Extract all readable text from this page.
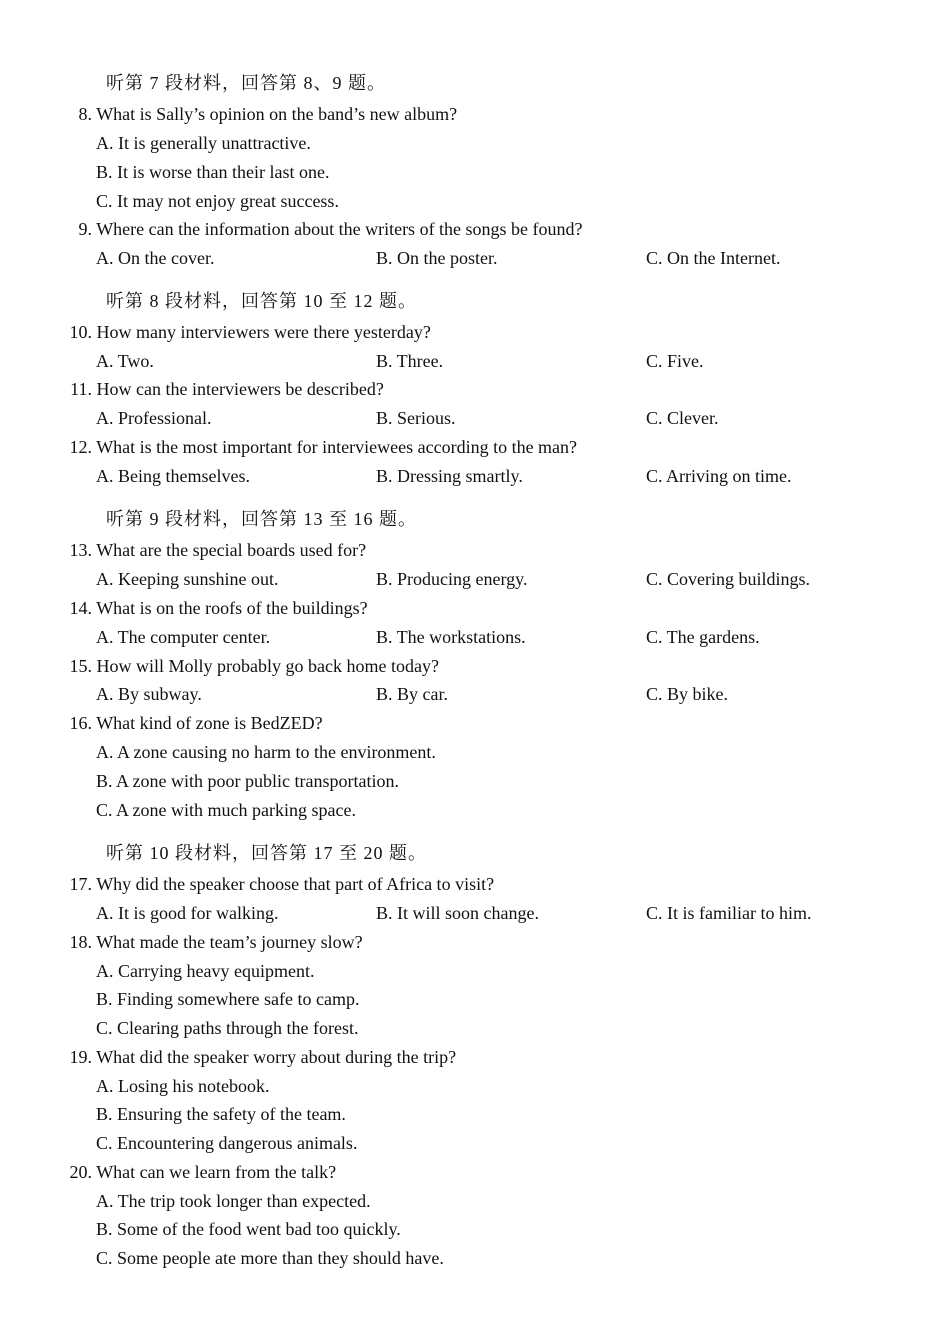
听第 7 段材料，回答第 8、9 题。
8. What is Sally’s opinion on the band’s new album?
A. It is generally unattractive.
B. It is worse than their last one.
C. It may not enjoy great success.
9. Where can the information about the writers of the songs be found?
A. On the cover.	B. On the poster.	C. On the Internet.
听第 8 段材料，回答第 10 至 12 题。
10. How many interviewers were there yesterday?
A. Two.	B. Three.	C. Five.
11. How can the interviewers be described?
A. Professional.	B. Serious.	C. Clever.
12. What is the most important for interviewees according to the man?
A. Being themselves.	B. Dressing smartly.	C. Arriving on time.
听第 9 段材料，回答第 13 至 16 题。
13. What are the special boards used for?
A. Keeping sunshine out.	B. Producing energy.	C. Covering buildings.
14. What is on the roofs of the buildings?
A. The computer center.	B. The workstations.	C. The gardens.
15. How will Molly probably go back home today?
A. By subway.	B. By car.	C. By bike.
16. What kind of zone is BedZED?
A. A zone causing no harm to the environment.
B. A zone with poor public transportation.
C. A zone with much parking space.
听第 10 段材料，回答第 17 至 20 题。
17. Why did the speaker choose that part of Africa to visit?
A. It is good for walking.	B. It will soon change.	C. It is familiar to him.
18. What made the team’s journey slow?
A. Carrying heavy equipment.
B. Finding somewhere safe to camp.
C. Clearing paths through the forest.
19. What did the speaker worry about during the trip?
A. Losing his notebook.
B. Ensuring the safety of the team.
C. Encountering dangerous animals.
20. What can we learn from the talk?
A. The trip took longer than expected.
B. Some of the food went bad too quickly.
C. Some people ate more than they should have.
